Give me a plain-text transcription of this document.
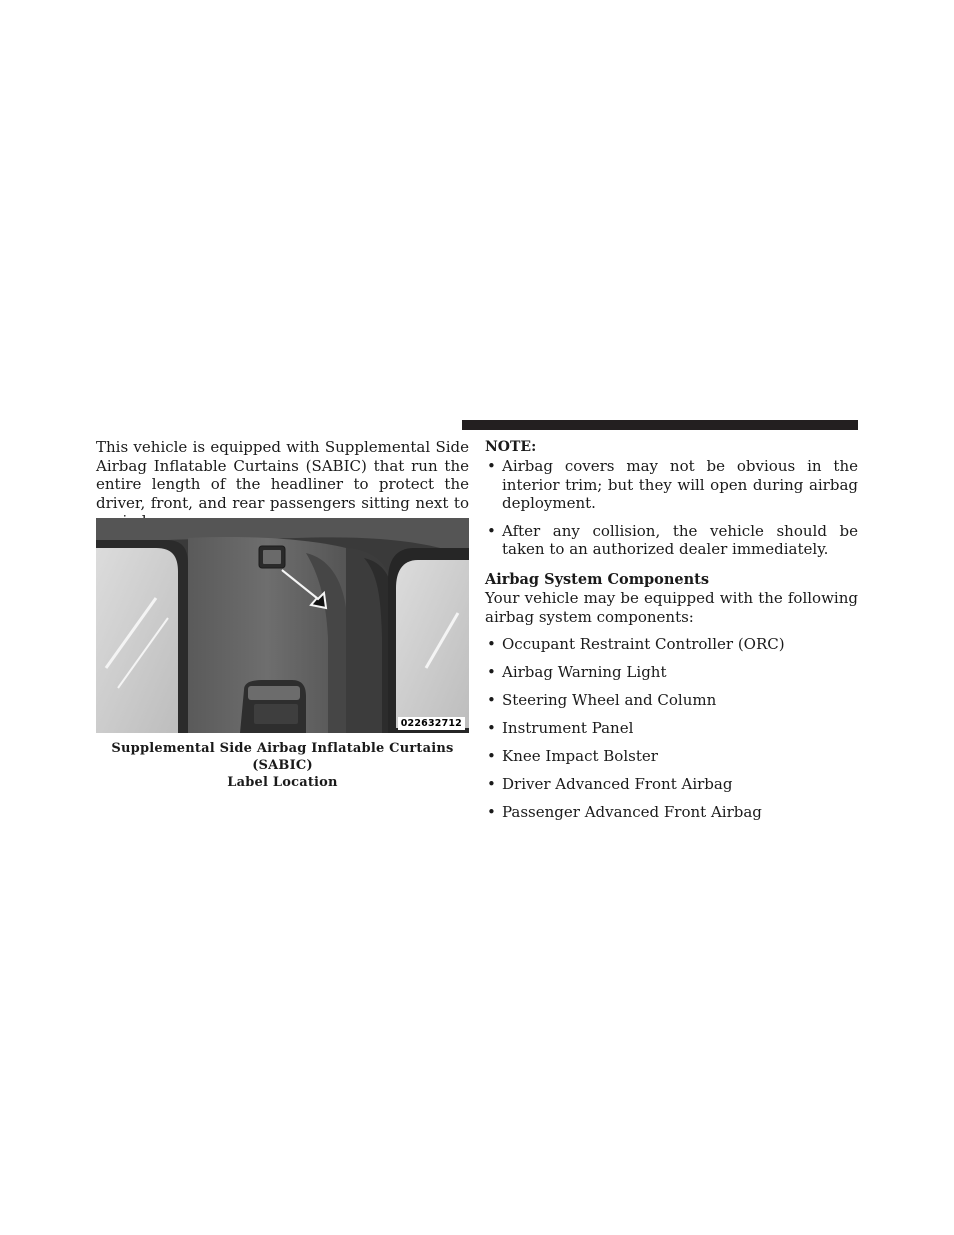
This vehicle is equipped with Supplemental Side Airbag Inflatable Curtains (SABIC) that run the entire length of the headliner to protect the driver, front, and rear passengers sitting next to

022632712
Supplemental Side Airbag Inflatable Curtains (SABIC)
Label Location
NOTE:
• Airbag covers may not be obvious in the interior trim; but they will open during airbag deployment.
• After any collision, the vehicle should be taken to an authorized dealer immediately.
Airbag System Components

Your vehicle may be equipped with the following airbag system components:

• Occupant Restraint Controller (ORC)
• Airbag Warning Light
• Steering Wheel and Column
• Instrument Panel
• Knee Impact Bolster
• Driver Advanced Front Airbag
• Passenger Advanced Front Airbag
